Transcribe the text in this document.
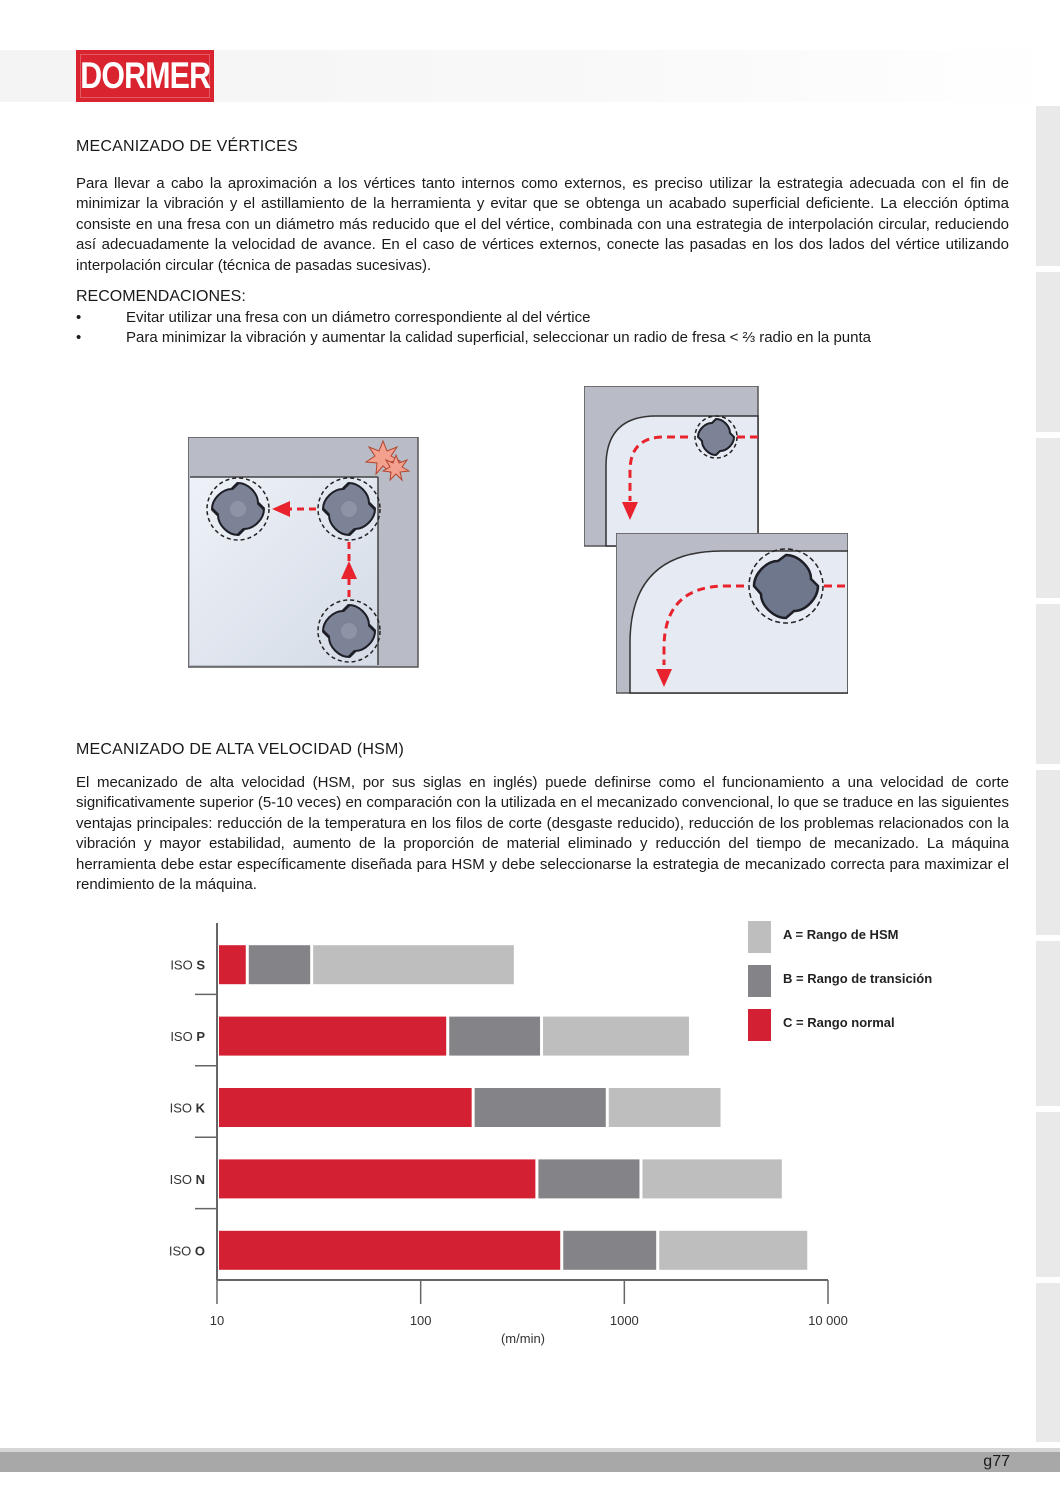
DORMER
MECANIZADO DE VÉRTICES

Para llevar a cabo la aproximación a los vértices tanto internos como externos, es preciso utilizar la estrategia adecuada con el fin de minimizar la vibración y el astillamiento de la herramienta y evitar que se obtenga un acabado superficial deficiente. La elección óptima consiste en una fresa con un diámetro más reducido que el del vértice, combinada con una estrategia de interpolación circular, reduciendo así adecuadamente la velocidad de avance. En el caso de vértices externos, conecte las pasadas en los dos lados del vértice utilizando interpolación circular (técnica de pasadas sucesivas).

RECOMENDACIONES:

•	Evitar utilizar una fresa con un diámetro correspondiente al del vértice
•	Para minimizar la vibración y aumentar la calidad superficial, seleccionar un radio de fresa < ⅔ radio en la punta
MECANIZADO DE ALTA VELOCIDAD (HSM)

El mecanizado de alta velocidad (HSM, por sus siglas en inglés) puede definirse como el funcionamiento a una velocidad de corte significativamente superior (5-10 veces) en comparación con la utilizada en el mecanizado convencional, lo que se traduce en las siguientes ventajas principales: reducción de la temperatura en los filos de corte (desgaste reducido), reducción de los problemas relacionados con la vibración y mayor estabilidad, aumento de la proporción de material eliminado y reducción del tiempo de mecanizado. La máquina herramienta debe estar específicamente diseñada para HSM y debe seleccionarse la estrategia de mecanizado correcta para maximizar el rendimiento de la máquina.

ISO S
ISO P
ISO K
ISO N
ISO O
10	100	1000	10 000
(m/min)
A = Rango de HSM
B = Rango de transición
C = Rango normal
g77
